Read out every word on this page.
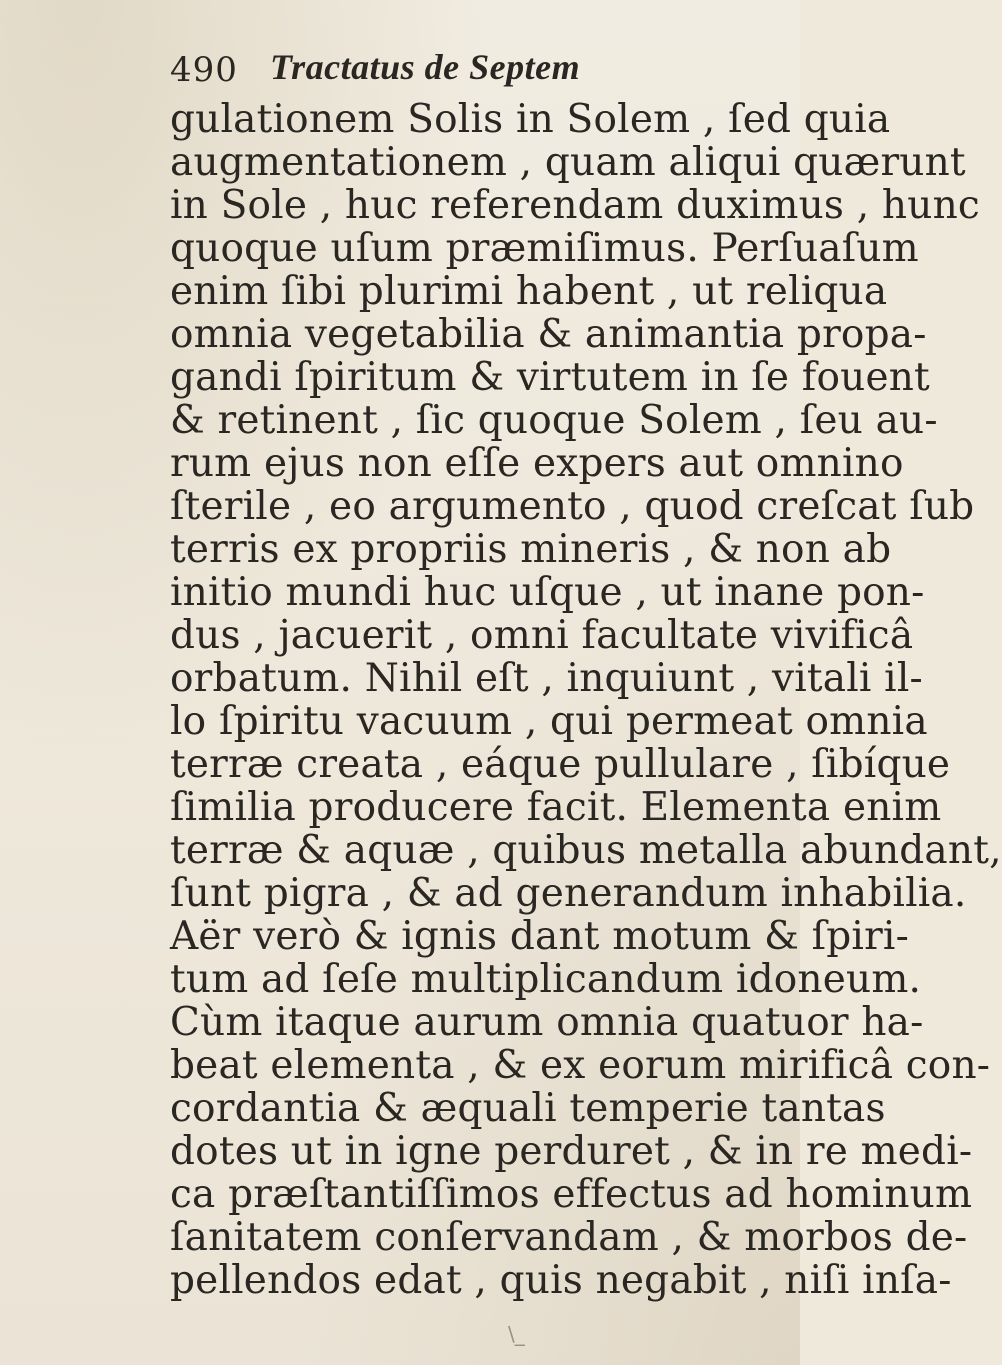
490 Tractatus de Septem
gulationem Solis in Solem , ſed quia
augmentationem , quam aliqui quærunt
in Sole , huc referendam duximus , hunc
quoque uſum præmiſimus. Perſuaſum
enim ſibi plurimi habent , ut reliqua
omnia vegetabilia & animantia propa-
gandi ſpiritum & virtutem in ſe fouent
& retinent , ſic quoque Solem , ſeu au-
rum ejus non eſſe expers aut omnino
ſterile , eo argumento , quod creſcat ſub
terris ex propriis mineris , & non ab
initio mundi huc uſque , ut inane pon-
dus , jacuerit , omni facultate vivificâ
orbatum. Nihil eſt , inquiunt , vitali il-
lo ſpiritu vacuum , qui permeat omnia
terræ creata , eáque pullulare , ſibíque
ſimilia producere facit. Elementa enim
terræ & aquæ , quibus metalla abundant,
ſunt pigra , & ad generandum inhabilia.
Aër verò & ignis dant motum & ſpiri-
tum ad ſeſe multiplicandum idoneum.
Cùm itaque aurum omnia quatuor ha-
beat elementa , & ex eorum mirificâ con-
cordantia & æquali temperie tantas
dotes ut in igne perduret , & in re medi-
ca præſtantiſſimos effectus ad hominum
ſanitatem conſervandam , & morbos de-
pellendos edat , quis negabit , niſi inſa-
\_
